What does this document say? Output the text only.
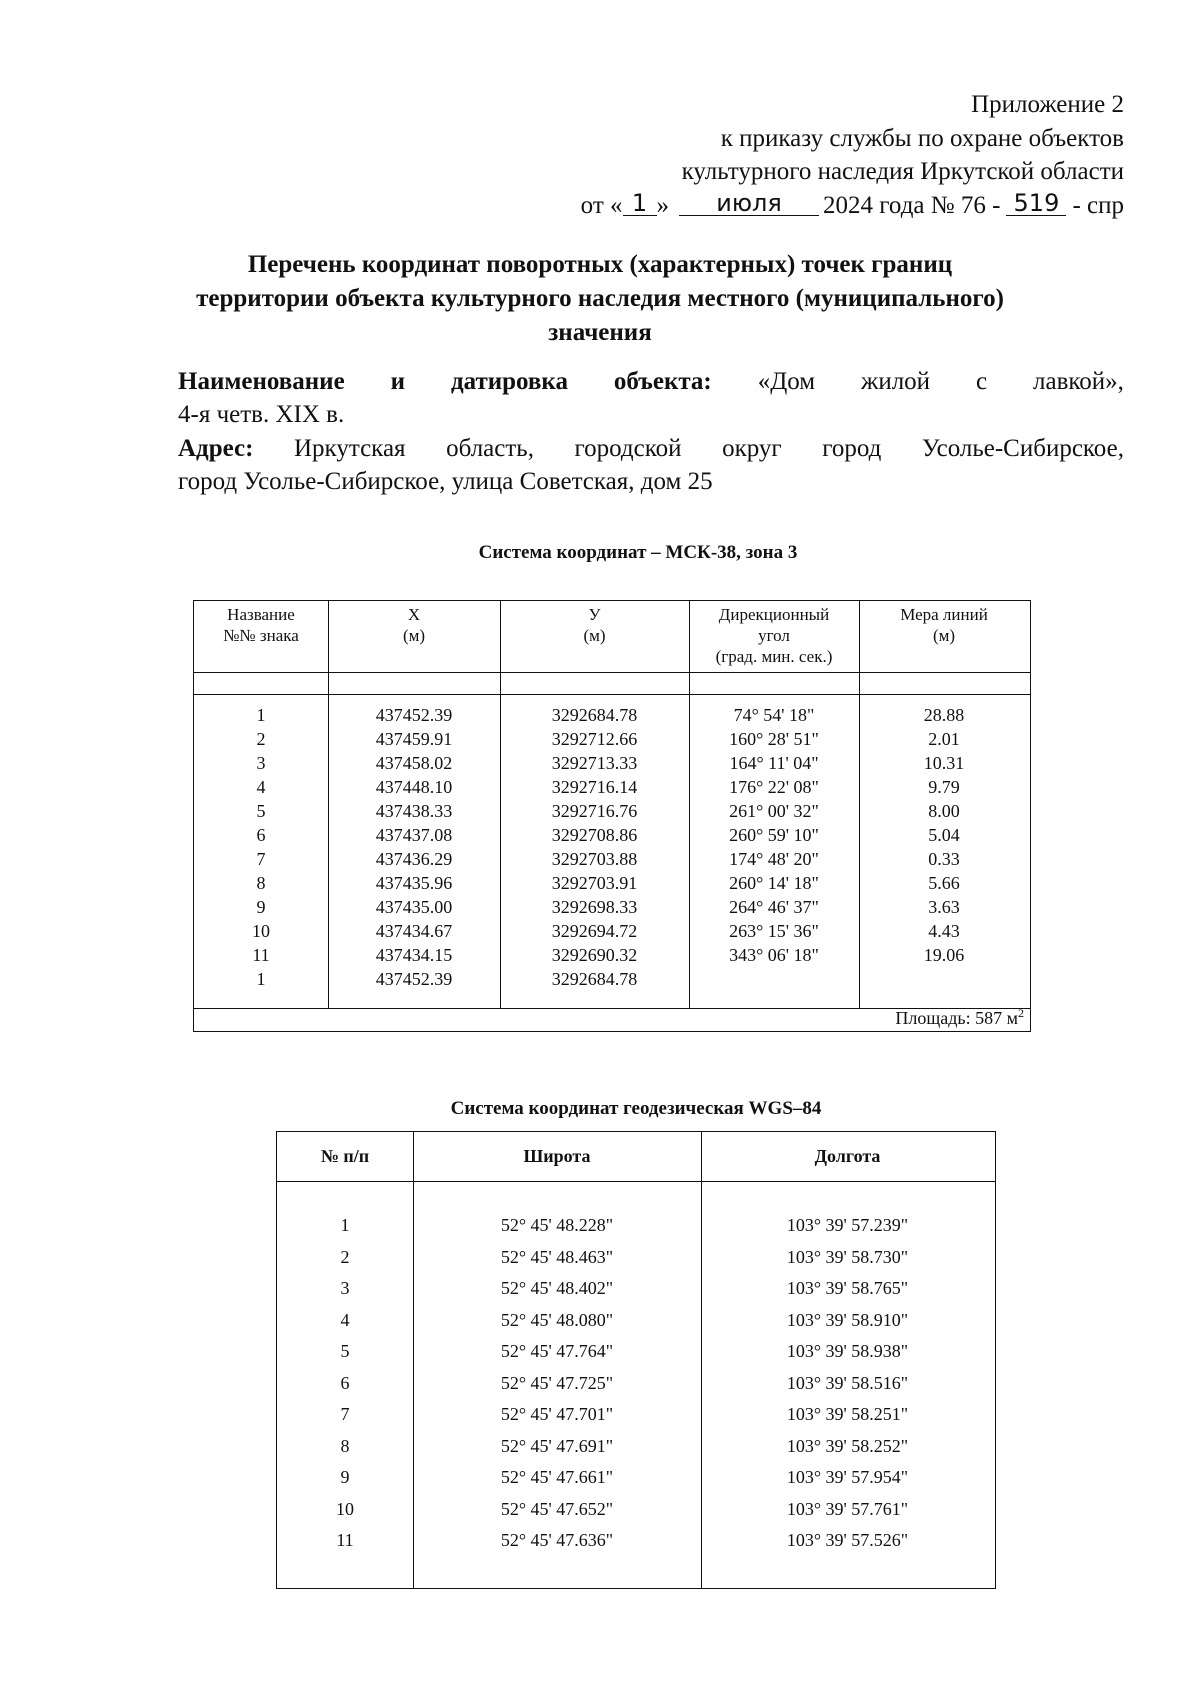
Приложение 2
к приказу службы по охране объектов
культурного наследия Иркутской области
от « 1 » июля 2024 года № 76 - 519 - спр
Перечень координат поворотных (характерных) точек границ
территории объекта культурного наследия местного (муниципального)
значения
Наименование и датировка объекта: «Дом жилой с лавкой»,
4-я четв. XIX в.
Адрес: Иркутская область, городской округ город Усолье-Сибирское,
город Усолье-Сибирское, улица Советская, дом 25
Система координат – МСК-38, зона 3
Название
№№ знака
X
(м)
У
(м)
Дирекционный
угол
(град. мин. сек.)
Мера линий
(м)
1
2
3
4
5
6
7
8
9
10
11
1
437452.39
437459.91
437458.02
437448.10
437438.33
437437.08
437436.29
437435.96
437435.00
437434.67
437434.15
437452.39
3292684.78
3292712.66
3292713.33
3292716.14
3292716.76
3292708.86
3292703.88
3292703.91
3292698.33
3292694.72
3292690.32
3292684.78
74° 54' 18"
160° 28' 51"
164° 11' 04"
176° 22' 08"
261° 00' 32"
260° 59' 10"
174° 48' 20"
260° 14' 18"
264° 46' 37"
263° 15' 36"
343° 06' 18"
28.88
2.01
10.31
9.79
8.00
5.04
0.33
5.66
3.63
4.43
19.06
Площадь: 587 $м^2$
Система координат геодезическая WGS–84
№ п/п	Широта	Долгота
1
2
3
4
5
6
7
8
9
10
11
52° 45' 48.228"
52° 45' 48.463"
52° 45' 48.402"
52° 45' 48.080"
52° 45' 47.764"
52° 45' 47.725"
52° 45' 47.701"
52° 45' 47.691"
52° 45' 47.661"
52° 45' 47.652"
52° 45' 47.636"
103° 39' 57.239"
103° 39' 58.730"
103° 39' 58.765"
103° 39' 58.910"
103° 39' 58.938"
103° 39' 58.516"
103° 39' 58.251"
103° 39' 58.252"
103° 39' 57.954"
103° 39' 57.761"
103° 39' 57.526"
